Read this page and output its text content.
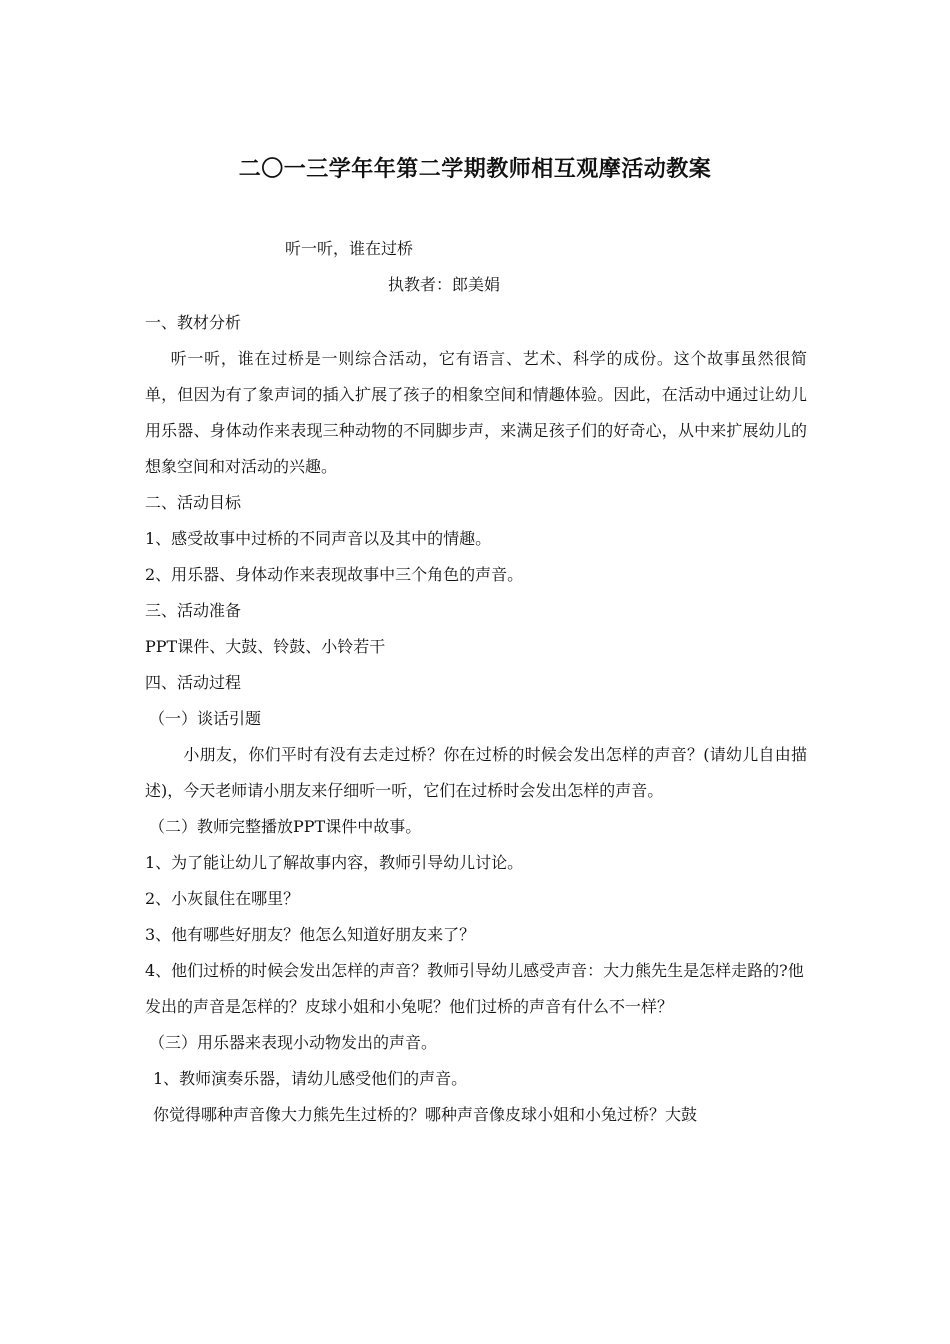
二〇一三学年年第二学期教师相互观摩活动教案

听一听，谁在过桥

执教者：郎美娟

一、教材分析

听一听，谁在过桥是一则综合活动，它有语言、艺术、科学的成份。这个故事虽然很简单，但因为有了象声词的插入扩展了孩子的相象空间和情趣体验。因此，在活动中通过让幼儿用乐器、身体动作来表现三种动物的不同脚步声，来满足孩子们的好奇心，从中来扩展幼儿的想象空间和对活动的兴趣。

二、活动目标

1、感受故事中过桥的不同声音以及其中的情趣。

2、用乐器、身体动作来表现故事中三个角色的声音。

三、活动准备

PPT课件、大鼓、铃鼓、小铃若干

四、活动过程

（一）谈话引题

小朋友，你们平时有没有去走过桥？你在过桥的时候会发出怎样的声音？(请幼儿自由描述)，今天老师请小朋友来仔细听一听，它们在过桥时会发出怎样的声音。

（二）教师完整播放PPT课件中故事。

1、为了能让幼儿了解故事内容，教师引导幼儿讨论。

2、小灰鼠住在哪里？

3、他有哪些好朋友？他怎么知道好朋友来了？

4、他们过桥的时候会发出怎样的声音？教师引导幼儿感受声音：大力熊先生是怎样走路的?他发出的声音是怎样的？皮球小姐和小兔呢？他们过桥的声音有什么不一样？

（三）用乐器来表现小动物发出的声音。

1、教师演奏乐器，请幼儿感受他们的声音。

你觉得哪种声音像大力熊先生过桥的？哪种声音像皮球小姐和小兔过桥？大鼓
